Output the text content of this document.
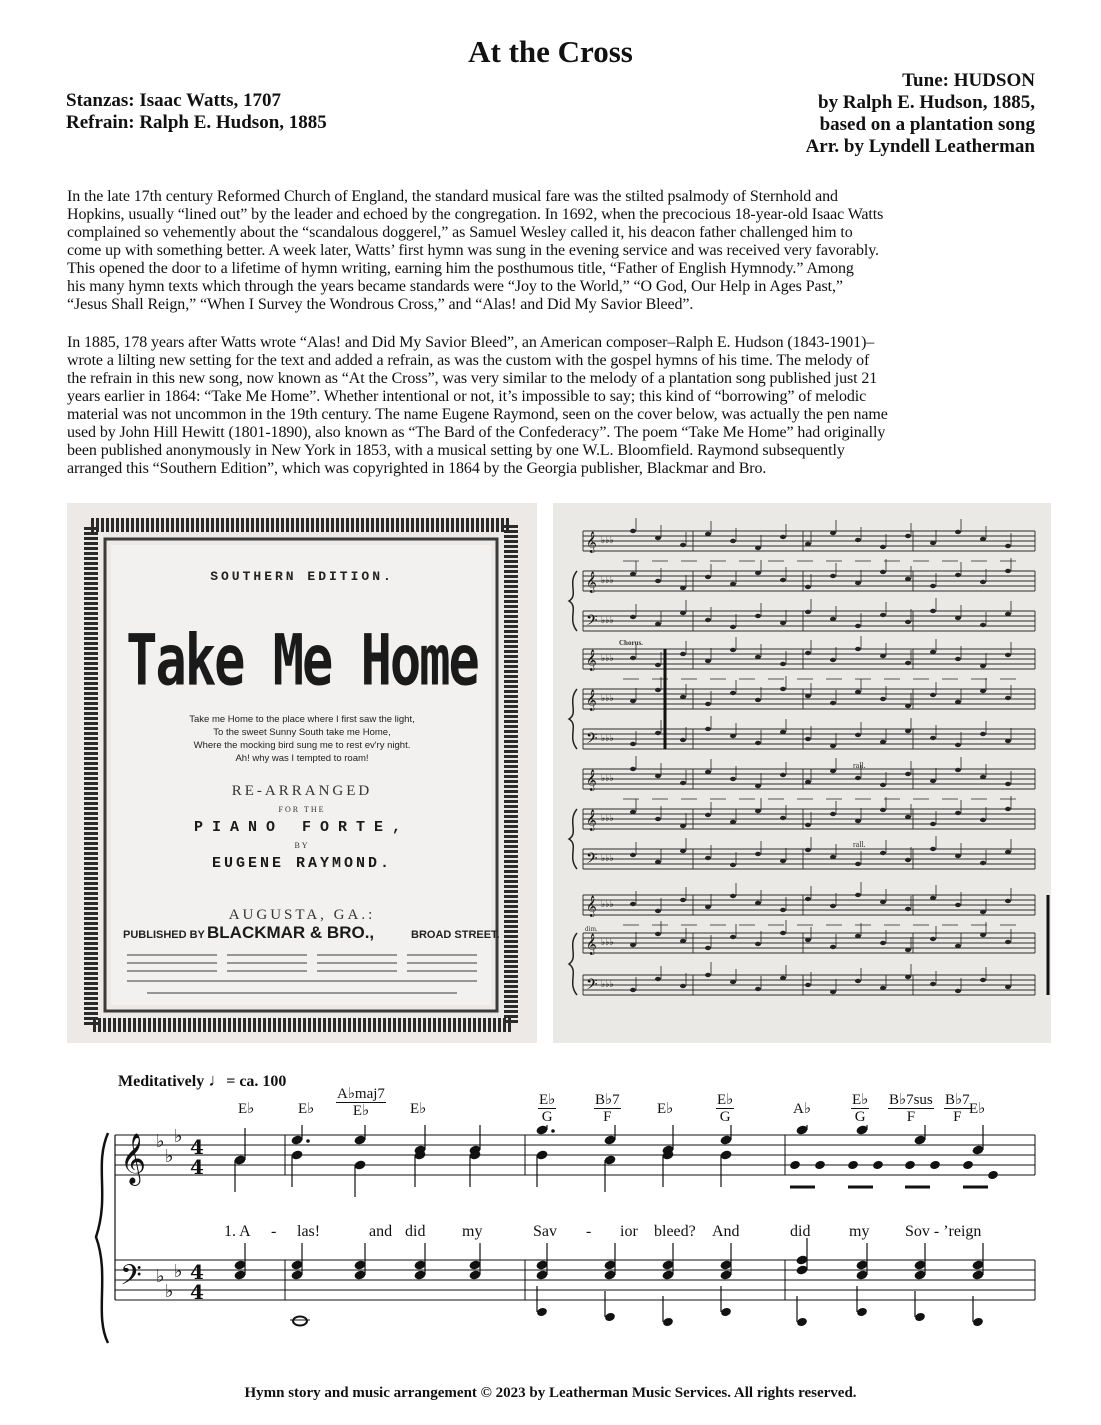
At the Cross
Stanzas: Isaac Watts, 1707
Refrain: Ralph E. Hudson, 1885
Tune: HUDSON
by Ralph E. Hudson, 1885,
based on a plantation song
Arr. by Lyndell Leatherman
In the late 17th century Reformed Church of England, the standard musical fare was the stilted psalmody of Sternhold and
Hopkins, usually “lined out” by the leader and echoed by the congregation. In 1692, when the precocious 18-year-old Isaac Watts
complained so vehemently about the “scandalous doggerel,” as Samuel Wesley called it, his deacon father challenged him to
come up with something better. A week later, Watts’ first hymn was sung in the evening service and was received very favorably.
This opened the door to a lifetime of hymn writing, earning him the posthumous title, “Father of English Hymnody.” Among
his many hymn texts which through the years became standards were “Joy to the World,” “O God, Our Help in Ages Past,”
“Jesus Shall Reign,” “When I Survey the Wondrous Cross,” and “Alas! and Did My Savior Bleed”.
In 1885, 178 years after Watts wrote “Alas! and Did My Savior Bleed”, an American composer–Ralph E. Hudson (1843-1901)–
wrote a lilting new setting for the text and added a refrain, as was the custom with the gospel hymns of his time. The melody of
the refrain in this new song, now known as “At the Cross”, was very similar to the melody of a plantation song published just 21
years earlier in 1864: “Take Me Home”. Whether intentional or not, it’s impossible to say; this kind of “borrowing” of melodic
material was not uncommon in the 19th century. The name Eugene Raymond, seen on the cover below, was actually the pen name
used by John Hill Hewitt (1801-1890), also known as “The Bard of the Confederacy”. The poem “Take Me Home” had originally
been published anonymously in New York in 1853, with a musical setting by one W.L. Bloomfield. Raymond subsequently
arranged this “Southern Edition”, which was copyrighted in 1864 by the Georgia publisher, Blackmar and Bro.
SOUTHERN EDITION.
Take Me Home
Take me Home to the place where I first saw the light,
To the sweet Sunny South take me Home,
Where the mocking bird sung me to rest ev'ry night.
Ah! why was I tempted to roam!
RE-ARRANGED
FOR THE
PIANO FORTE,
BY
EUGENE RAYMOND.
AUGUSTA, GA.:
PUBLISHED BY BLACKMAR & BRO.,	BROAD STREET.
𝄞 ♭♭♭
𝄞 ♭♭♭
𝄢 ♭♭♭
𝄞 ♭♭♭
𝄞 ♭♭♭
𝄢 ♭♭♭
𝄞 ♭♭♭
𝄞 ♭♭♭
𝄢 ♭♭♭
𝄞 ♭♭♭
𝄞 ♭♭♭
𝄢 ♭♭♭
Chorus.
rall.
rall.
dim.
Meditatively ♩= ca. 100
E♭	E♭
A♭maj7
E♭	E♭	$\frac{E♭}{G}$	$\frac{B♭7}{F}$ E♭	$\frac{E♭}{G}$	A♭	$\frac{E♭}{G}$ B♭7sus
F	$\frac{B♭7}{F}$
E♭
𝄞
𝄢
♭
♭
♭
♭
♭
♭
4
4
4
4
1. A - las!	and did my	Sav - ior bleed? And	did my Sov - ’reign
Hymn story and music arrangement © 2023 by Leatherman Music Services. All rights reserved.
